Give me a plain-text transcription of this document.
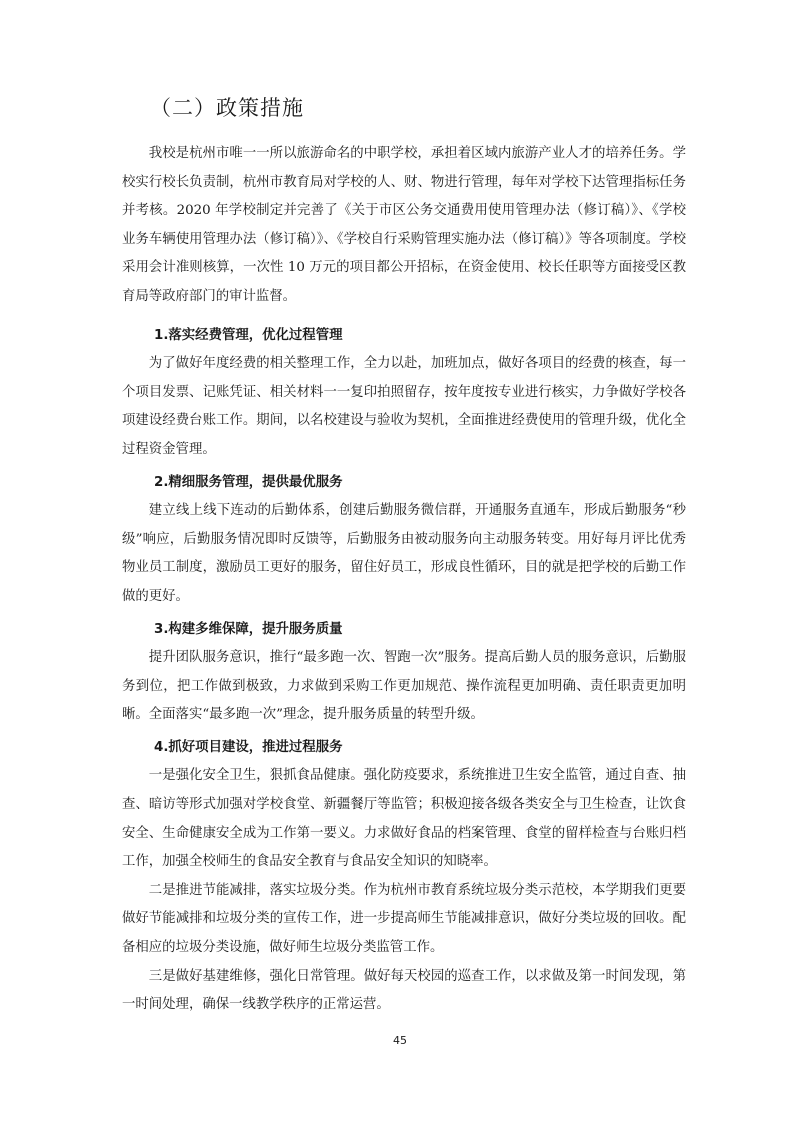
（二）政策措施

我校是杭州市唯一一所以旅游命名的中职学校，承担着区域内旅游产业人才的培养任务。学校实行校长负责制，杭州市教育局对学校的人、财、物进行管理，每年对学校下达管理指标任务并考核。2020 年学校制定并完善了《关于市区公务交通费用使用管理办法（修订稿）》、《学校业务车辆使用管理办法（修订稿）》、《学校自行采购管理实施办法（修订稿）》等各项制度。学校采用会计准则核算，一次性 10 万元的项目都公开招标，在资金使用、校长任职等方面接受区教育局等政府部门的审计监督。

1.落实经费管理，优化过程管理

为了做好年度经费的相关整理工作，全力以赴，加班加点，做好各项目的经费的核查，每一个项目发票、记账凭证、相关材料一一复印拍照留存，按年度按专业进行核实，力争做好学校各项建设经费台账工作。期间，以名校建设与验收为契机，全面推进经费使用的管理升级，优化全过程资金管理。

2.精细服务管理，提供最优服务

建立线上线下连动的后勤体系，创建后勤服务微信群，开通服务直通车，形成后勤服务“秒级”响应，后勤服务情况即时反馈等，后勤服务由被动服务向主动服务转变。用好每月评比优秀物业员工制度，激励员工更好的服务，留住好员工，形成良性循环，目的就是把学校的后勤工作做的更好。

3.构建多维保障，提升服务质量

提升团队服务意识，推行“最多跑一次、智跑一次”服务。提高后勤人员的服务意识，后勤服务到位，把工作做到极致，力求做到采购工作更加规范、操作流程更加明确、责任职责更加明晰。全面落实“最多跑一次”理念，提升服务质量的转型升级。

4.抓好项目建设，推进过程服务

一是强化安全卫生，狠抓食品健康。强化防疫要求，系统推进卫生安全监管，通过自查、抽查、暗访等形式加强对学校食堂、新疆餐厅等监管；积极迎接各级各类安全与卫生检查，让饮食安全、生命健康安全成为工作第一要义。力求做好食品的档案管理、食堂的留样检查与台账归档工作，加强全校师生的食品安全教育与食品安全知识的知晓率。

二是推进节能减排，落实垃圾分类。作为杭州市教育系统垃圾分类示范校，本学期我们更要做好节能减排和垃圾分类的宣传工作，进一步提高师生节能减排意识，做好分类垃圾的回收。配备相应的垃圾分类设施，做好师生垃圾分类监管工作。

三是做好基建维修，强化日常管理。做好每天校园的巡查工作，以求做及第一时间发现，第一时间处理，确保一线教学秩序的正常运营。

45
